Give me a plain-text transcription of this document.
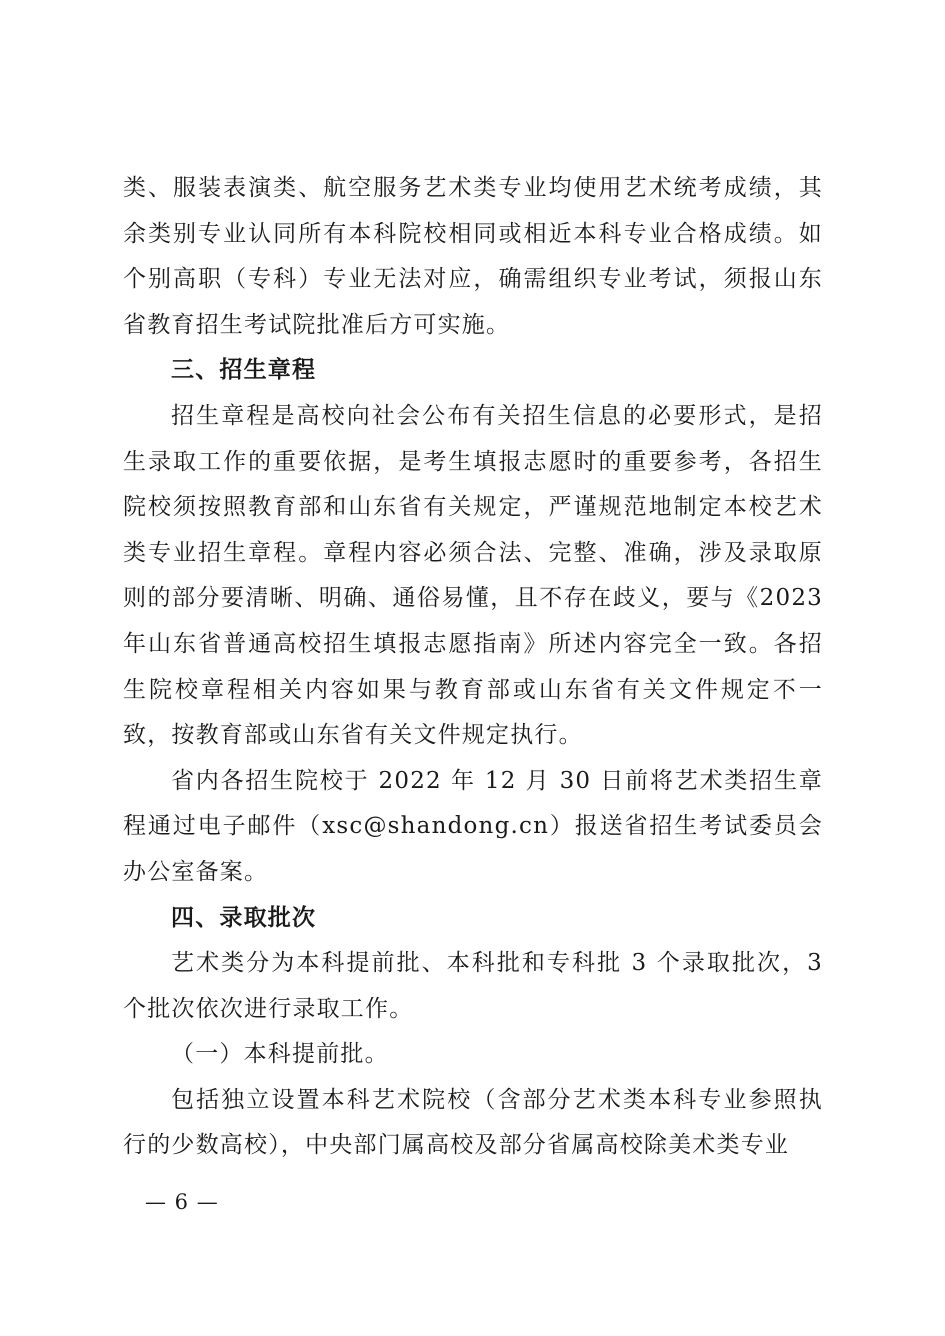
类、服装表演类、航空服务艺术类专业均使用艺术统考成绩，其余类别专业认同所有本科院校相同或相近本科专业合格成绩。如个别高职（专科）专业无法对应，确需组织专业考试，须报山东省教育招生考试院批准后方可实施。

三、招生章程

招生章程是高校向社会公布有关招生信息的必要形式，是招生录取工作的重要依据，是考生填报志愿时的重要参考，各招生院校须按照教育部和山东省有关规定，严谨规范地制定本校艺术类专业招生章程。章程内容必须合法、完整、准确，涉及录取原则的部分要清晰、明确、通俗易懂，且不存在歧义，要与《2023年山东省普通高校招生填报志愿指南》所述内容完全一致。各招生院校章程相关内容如果与教育部或山东省有关文件规定不一致，按教育部或山东省有关文件规定执行。

省内各招生院校于 2022 年 12 月 30 日前将艺术类招生章程通过电子邮件（xsc@shandong.cn）报送省招生考试委员会办公室备案。

四、录取批次

艺术类分为本科提前批、本科批和专科批 3 个录取批次，3 个批次依次进行录取工作。

（一）本科提前批。

包括独立设置本科艺术院校（含部分艺术类本科专业参照执行的少数高校），中央部门属高校及部分省属高校除美术类专业

— 6 —
